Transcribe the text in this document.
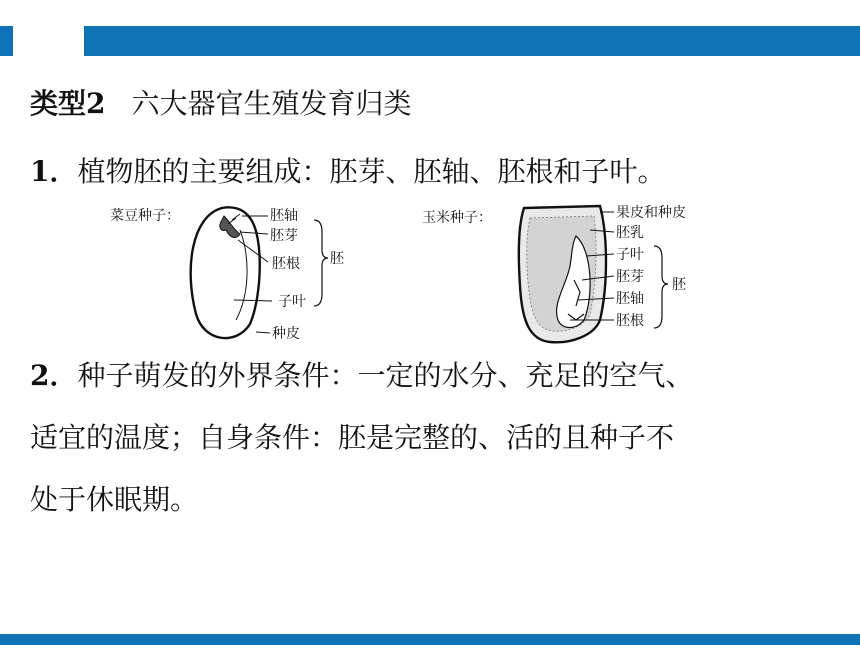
类型2 六大器官生殖发育归类

1．植物胚的主要组成：胚芽、胚轴、胚根和子叶。

菜豆种子：	胚轴
胚芽
胚根
子叶
种皮
胚
玉米种子：	果皮和种皮
胚乳
子叶
胚芽
胚轴
胚根
胚
2．种子萌发的外界条件：一定的水分、充足的空气、
适宜的温度；自身条件：胚是完整的、活的且种子不
处于休眠期。
